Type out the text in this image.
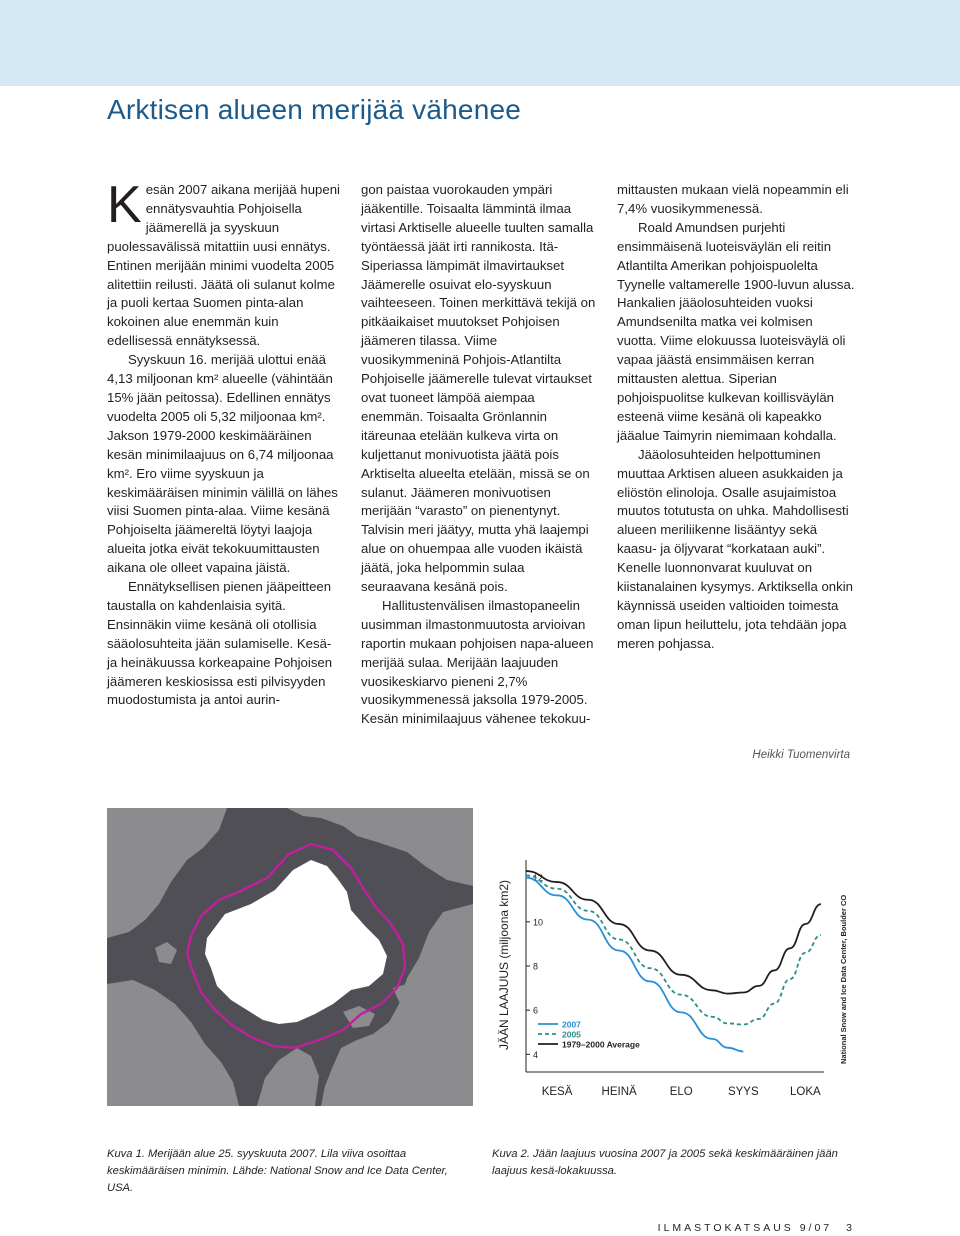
Arktisen alueen merijää vähenee

Kesän 2007 aikana merijää hupeni ennätysvauhtia Pohjoisella jäämerellä ja syyskuun puolessavälissä mitattiin uusi ennätys. Entinen merijään minimi vuodelta 2005 alitettiin reilusti. Jäätä oli sulanut kolme ja puoli kertaa Suomen pinta-alan kokoinen alue enemmän kuin edellisessä ennätyksessä.

Syyskuun 16. merijää ulottui enää 4,13 miljoonan km² alueelle (vähintään 15% jään peitossa). Edellinen ennätys vuodelta 2005 oli 5,32 miljoonaa km². Jakson 1979-2000 keskimääräinen kesän minimilaajuus on 6,74 miljoonaa km². Ero viime syyskuun ja keskimääräisen minimin välillä on lähes viisi Suomen pinta-alaa. Viime kesänä Pohjoiselta jäämereltä löytyi laajoja alueita jotka eivät tekokuumittausten aikana ole olleet vapaina jäistä.

Ennätyksellisen pienen jääpeitteen taustalla on kahdenlaisia syitä. Ensinnäkin viime kesänä oli otollisia sääolosuhteita jään sulamiselle. Kesä- ja heinäkuussa korkeapaine Pohjoisen jäämeren keskiosissa esti pilvisyyden muodostumista ja antoi aurin-

gon paistaa vuorokauden ympäri jääkentille. Toisaalta lämmintä ilmaa virtasi Arktiselle alueelle tuulten samalla työntäessä jäät irti rannikosta. Itä-Siperiassa lämpimät ilmavirtaukset Jäämerelle osuivat elo-syyskuun vaihteeseen. Toinen merkittävä tekijä on pitkäaikaiset muutokset Pohjoisen jäämeren tilassa. Viime vuosikymmeninä Pohjois-Atlantilta Pohjoiselle jäämerelle tulevat virtaukset ovat tuoneet lämpöä aiempaa enemmän. Toisaalta Grönlannin itäreunaa etelään kulkeva virta on kuljettanut monivuotista jäätä pois Arktiselta alueelta etelään, missä se on sulanut. Jäämeren monivuotisen merijään “varasto” on pienentynyt. Talvisin meri jäätyy, mutta yhä laajempi alue on ohuempaa alle vuoden ikäistä jäätä, joka helpommin sulaa seuraavana kesänä pois.

Hallitustenvälisen ilmastopaneelin uusimman ilmastonmuutosta arvioivan raportin mukaan pohjoisen napa-alueen merijää sulaa. Merijään laajuuden vuosikeskiarvo pieneni 2,7% vuosikymmenessä jaksolla 1979-2005. Kesän minimilaajuus vähenee tekokuu-

mittausten mukaan vielä nopeammin eli 7,4% vuosikymmenessä.

Roald Amundsen purjehti ensimmäisenä luoteisväylän eli reitin Atlantilta Amerikan pohjoispuolelta Tyynelle valtamerelle 1900-luvun alussa. Hankalien jääolosuhteiden vuoksi Amundsenilta matka vei kolmisen vuotta. Viime elokuussa luoteisväylä oli vapaa jäästä ensimmäisen kerran mittausten alettua. Siperian pohjoispuolitse kulkevan koillisväylän esteenä viime kesänä oli kapeakko jääalue Taimyrin niemimaan kohdalla.

Jääolosuhteiden helpottuminen muuttaa Arktisen alueen asukkaiden ja eliöstön elinoloja. Osalle asujaimistoa muutos totutusta on uhka. Mahdollisesti alueen meriliikenne lisääntyy sekä kaasu- ja öljyvarat “korkataan auki”. Kenelle luonnonvarat kuuluvat on kiistanalainen kysymys. Arktiksella onkin käynnissä useiden valtioiden toimesta oman lipun heiluttelu, jota tehdään jopa meren pohjassa.

Heikki Tuomenvirta
JÄÄN LAAJUUS (miljoona km2)
4
6
8
10
12
KESÄ	HEINÄ	ELO	SYYS	LOKA
2007
2005
1979–2000 Average	National Snow and Ice Data Center, Boulder CO
Kuva 1. Merijään alue 25. syyskuuta 2007. Lila viiva osoittaa keskimääräisen minimin. Lähde: National Snow and Ice Data Center, USA.
Kuva 2. Jään laajuus vuosina 2007 ja 2005 sekä keskimääräinen jään laajuus kesä-lokakuussa.
ILMASTOKATSAUS 9/07 3
